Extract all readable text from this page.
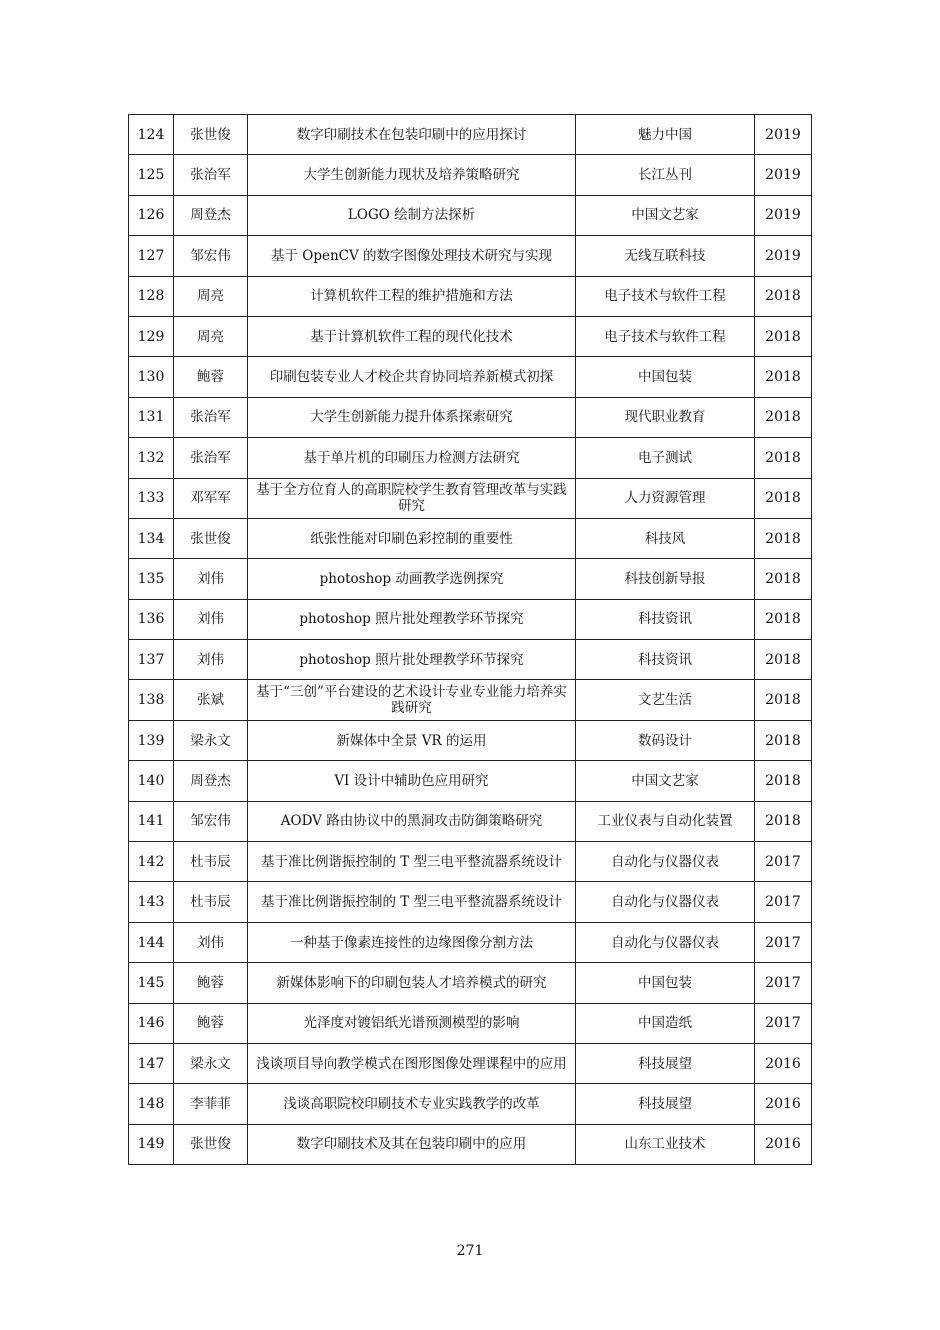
124	张世俊	数字印刷技术在包装印刷中的应用探讨	魅力中国	2019
125	张治军	大学生创新能力现状及培养策略研究	长江丛刊	2019
126	周登杰	LOGO 绘制方法探析	中国文艺家	2019
127	邹宏伟	基于 OpenCV 的数字图像处理技术研究与实现	无线互联科技	2019
128	周亮	计算机软件工程的维护措施和方法	电子技术与软件工程	2018
129	周亮	基于计算机软件工程的现代化技术	电子技术与软件工程	2018
130	鲍蓉	印刷包装专业人才校企共育协同培养新模式初探	中国包装	2018
131	张治军	大学生创新能力提升体系探索研究	现代职业教育	2018
132	张治军	基于单片机的印刷压力检测方法研究	电子测试	2018
133	邓军军	基于全方位育人的高职院校学生教育管理改革与实践研究	人力资源管理	2018
134	张世俊	纸张性能对印刷色彩控制的重要性	科技风	2018
135	刘伟	photoshop 动画教学选例探究	科技创新导报	2018
136	刘伟	photoshop 照片批处理教学环节探究	科技资讯	2018
137	刘伟	photoshop 照片批处理教学环节探究	科技资讯	2018
138	张斌	基于“三创”平台建设的艺术设计专业专业能力培养实践研究	文艺生活	2018
139	梁永文	新媒体中全景 VR 的运用	数码设计	2018
140	周登杰	VI 设计中辅助色应用研究	中国文艺家	2018
141	邹宏伟	AODV 路由协议中的黑洞攻击防御策略研究	工业仪表与自动化装置	2018
142	杜韦辰	基于准比例谐振控制的 T 型三电平整流器系统设计	自动化与仪器仪表	2017
143	杜韦辰	基于准比例谐振控制的 T 型三电平整流器系统设计	自动化与仪器仪表	2017
144	刘伟	一种基于像素连接性的边缘图像分割方法	自动化与仪器仪表	2017
145	鲍蓉	新媒体影响下的印刷包装人才培养模式的研究	中国包装	2017
146	鲍蓉	光泽度对镀铝纸光谱预测模型的影响	中国造纸	2017
147	梁永文	浅谈项目导向教学模式在图形图像处理课程中的应用	科技展望	2016
148	李菲菲	浅谈高职院校印刷技术专业实践教学的改革	科技展望	2016
149	张世俊	数字印刷技术及其在包装印刷中的应用	山东工业技术	2016
271
